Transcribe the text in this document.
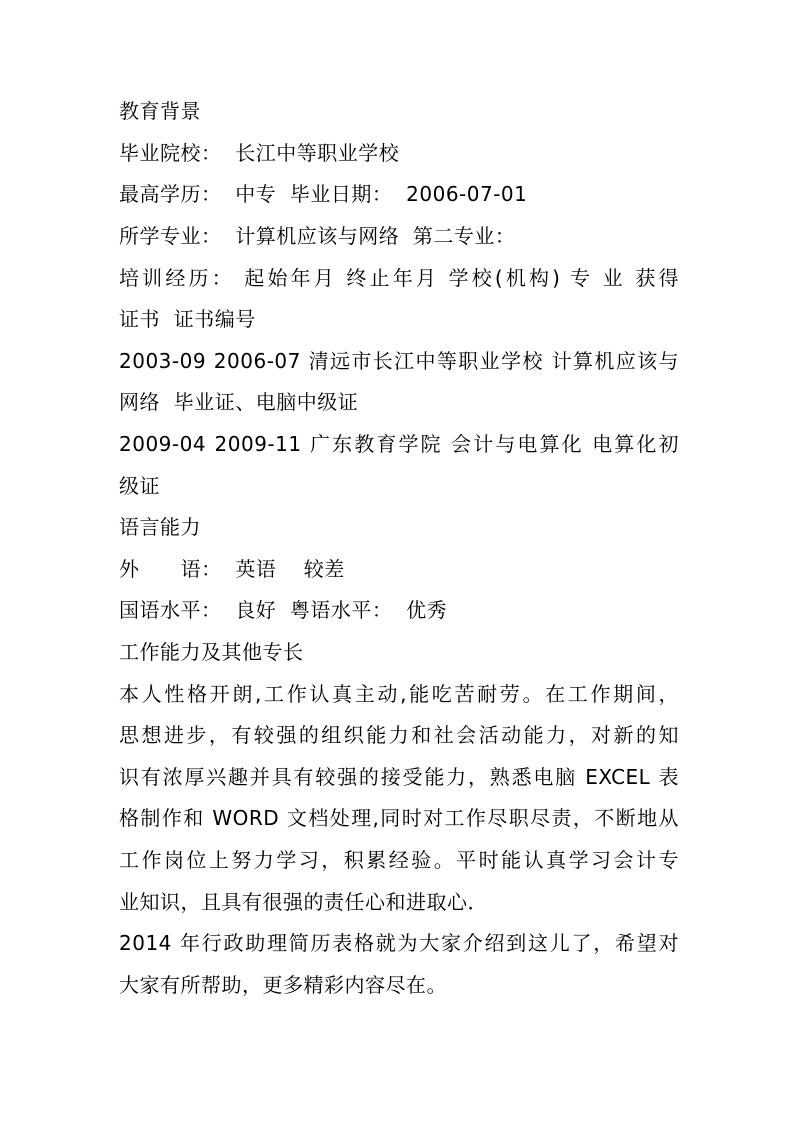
教育背景
毕业院校：  长江中等职业学校
最高学历：  中专  毕业日期：  2006-07-01
所学专业：  计算机应该与网络  第二专业：
培训经历： 起始年月 终止年月 学校(机构) 专 业 获得
证书  证书编号
2003-09 2006-07 清远市长江中等职业学校 计算机应该与
网络  毕业证、电脑中级证
2009-04 2009-11 广东教育学院 会计与电算化 电算化初
级证
语言能力
外      语：  英语    较差
国语水平：  良好  粤语水平：  优秀
工作能力及其他专长
本人性格开朗,工作认真主动,能吃苦耐劳。在工作期间，
思想进步，有较强的组织能力和社会活动能力，对新的知
识有浓厚兴趣并具有较强的接受能力，熟悉电脑 EXCEL 表
格制作和 WORD 文档处理,同时对工作尽职尽责，不断地从
工作岗位上努力学习，积累经验。平时能认真学习会计专
业知识，且具有很强的责任心和进取心．
2014 年行政助理简历表格就为大家介绍到这儿了，希望对
大家有所帮助，更多精彩内容尽在。
